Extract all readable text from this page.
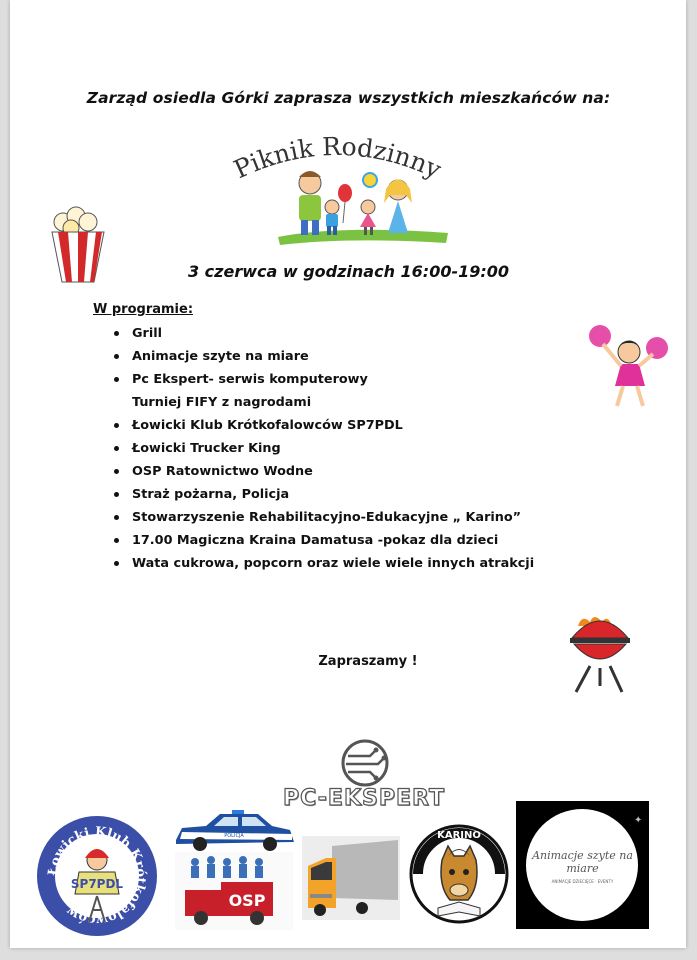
Zarząd osiedla Górki zaprasza wszystkich mieszkańców na:
Piknik Rodzinny
3 czerwca w godzinach 16:00-19:00
W programie:
Grill
Animacje szyte na miare
Pc Ekspert- serwis komputerowy
Turniej FIFY z nagrodami
Łowicki Klub Krótkofalowców SP7PDL
Łowicki Trucker King
OSP Ratownictwo Wodne
Straż pożarna, Policja
Stowarzyszenie Rehabilitacyjno-Edukacyjne „ Karino”
17.00 Magiczna Kraina Damatusa -pokaz dla dzieci
Wata cukrowa, popcorn oraz wiele wiele innych atrakcji
Zapraszamy !
PC-EKSPERT
Łowicki Klub Krótkofalowców
SP7PDL
POLICJA
OSP
KARINO
✦
Animacje szyte na miare
ANIMACJE DZIECIĘCE · EVENTY
